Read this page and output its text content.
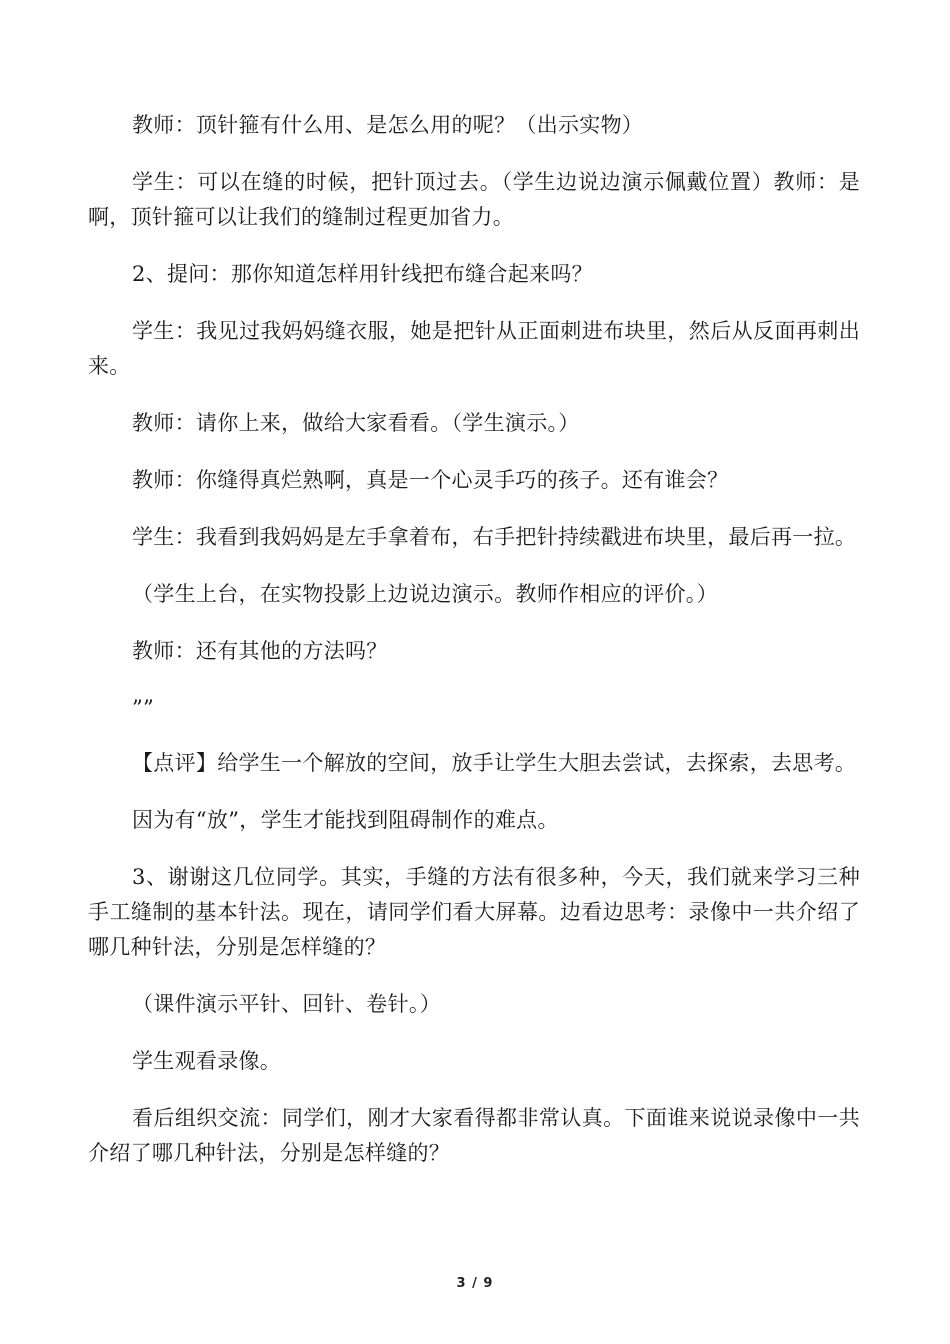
教师：顶针箍有什么用、是怎么用的呢？（出示实物）

学生：可以在缝的时候，把针顶过去。（学生边说边演示佩戴位置）教师：是啊，顶针箍可以让我们的缝制过程更加省力。

2、提问：那你知道怎样用针线把布缝合起来吗？

学生：我见过我妈妈缝衣服，她是把针从正面刺进布块里，然后从反面再刺出来。

教师：请你上来，做给大家看看。（学生演示。）

教师：你缝得真烂熟啊，真是一个心灵手巧的孩子。还有谁会？

学生：我看到我妈妈是左手拿着布，右手把针持续戳进布块里，最后再一拉。

（学生上台，在实物投影上边说边演示。教师作相应的评价。）

教师：还有其他的方法吗？

””

【点评】给学生一个解放的空间，放手让学生大胆去尝试，去探索，去思考。

因为有“放”，学生才能找到阻碍制作的难点。

3、谢谢这几位同学。其实，手缝的方法有很多种，今天，我们就来学习三种手工缝制的基本针法。现在，请同学们看大屏幕。边看边思考：录像中一共介绍了哪几种针法，分别是怎样缝的？

（课件演示平针、回针、卷针。）

学生观看录像。

看后组织交流：同学们，刚才大家看得都非常认真。下面谁来说说录像中一共介绍了哪几种针法，分别是怎样缝的？

3 / 9
